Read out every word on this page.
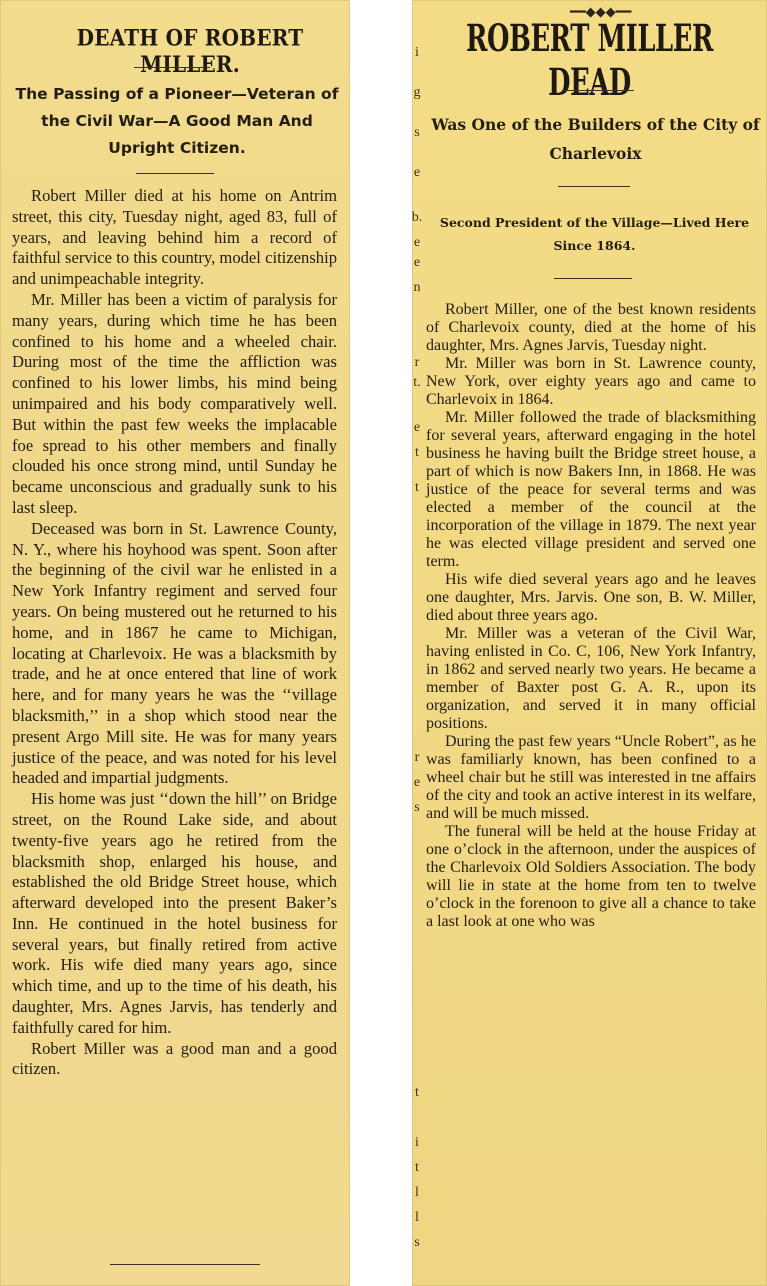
DEATH OF ROBERT MILLER.
The Passing of a Pioneer—Veteran of the Civil War—A Good Man And Upright Citizen.

Robert Miller died at his home on Antrim street, this city, Tuesday night, aged 83, full of years, and leaving behind him a record of faithful service to this country, model citizenship and unimpeachable integrity.

Mr. Miller has been a victim of paralysis for many years, during which time he has been confined to his home and a wheeled chair. During most of the time the affliction was confined to his lower limbs, his mind being unimpaired and his body comparatively well. But within the past few weeks the implacable foe spread to his other members and finally clouded his once strong mind, until Sunday he became unconscious and gradually sunk to his last sleep.

Deceased was born in St. Lawrence County, N. Y., where his hoyhood was spent. Soon after the beginning of the civil war he enlisted in a New York Infantry regiment and served four years. On being mustered out he returned to his home, and in 1867 he came to Michigan, locating at Charlevoix. He was a blacksmith by trade, and he at once entered that line of work here, and for many years he was the ‘‘village blacksmith,’’ in a shop which stood near the present Argo Mill site. He was for many years justice of the peace, and was noted for his level headed and impartial judgments.

His home was just ‘‘down the hill’’ on Bridge street, on the Round Lake side, and about twenty-five years ago he retired from the blacksmith shop, enlarged his house, and established the old Bridge Street house, which afterward developed into the present Baker’s Inn. He continued in the hotel business for several years, but finally retired from active work. His wife died many years ago, since which time, and up to the time of his death, his daughter, Mrs. Agnes Jarvis, has tenderly and faithfully cared for him.

Robert Miller was a good man and a good citizen.

━━◆◆◆━━
ROBERT MILLER DEAD
Was One of the Builders of the City of Charlevoix
Second President of the Village—Lived Here Since 1864.

Robert Miller, one of the best known residents of Charlevoix county, died at the home of his daughter, Mrs. Agnes Jarvis, Tuesday night.

Mr. Miller was born in St. Lawrence county, New York, over eighty years ago and came to Charlevoix in 1864.

Mr. Miller followed the trade of blacksmithing for several years, afterward engaging in the hotel business he having built the Bridge street house, a part of which is now Bakers Inn, in 1868. He was justice of the peace for several terms and was elected a member of the council at the incorporation of the village in 1879. The next year he was elected village president and served one term.

His wife died several years ago and he leaves one daughter, Mrs. Jarvis. One son, B. W. Miller, died about three years ago.

Mr. Miller was a veteran of the Civil War, having enlisted in Co. C, 106, New York Infantry, in 1862 and served nearly two years. He became a member of Baxter post G. A. R., upon its organization, and served it in many official positions.

During the past few years “Uncle Robert”, as he was familiarly known, has been confined to a wheel chair but he still was interested in tne affairs of the city and took an active interest in its welfare, and will be much missed.

The funeral will be held at the house Friday at one o’clock in the afternoon, under the auspices of the Charlevoix Old Soldiers Association. The body will lie in state at the home from ten to twelve o’clock in the forenoon to give all a chance to take a last look at one who was

i
g
s
e
b.
e
e
n
r
t.
e
t
t
r
e
s
t
i
t
l
l
s
